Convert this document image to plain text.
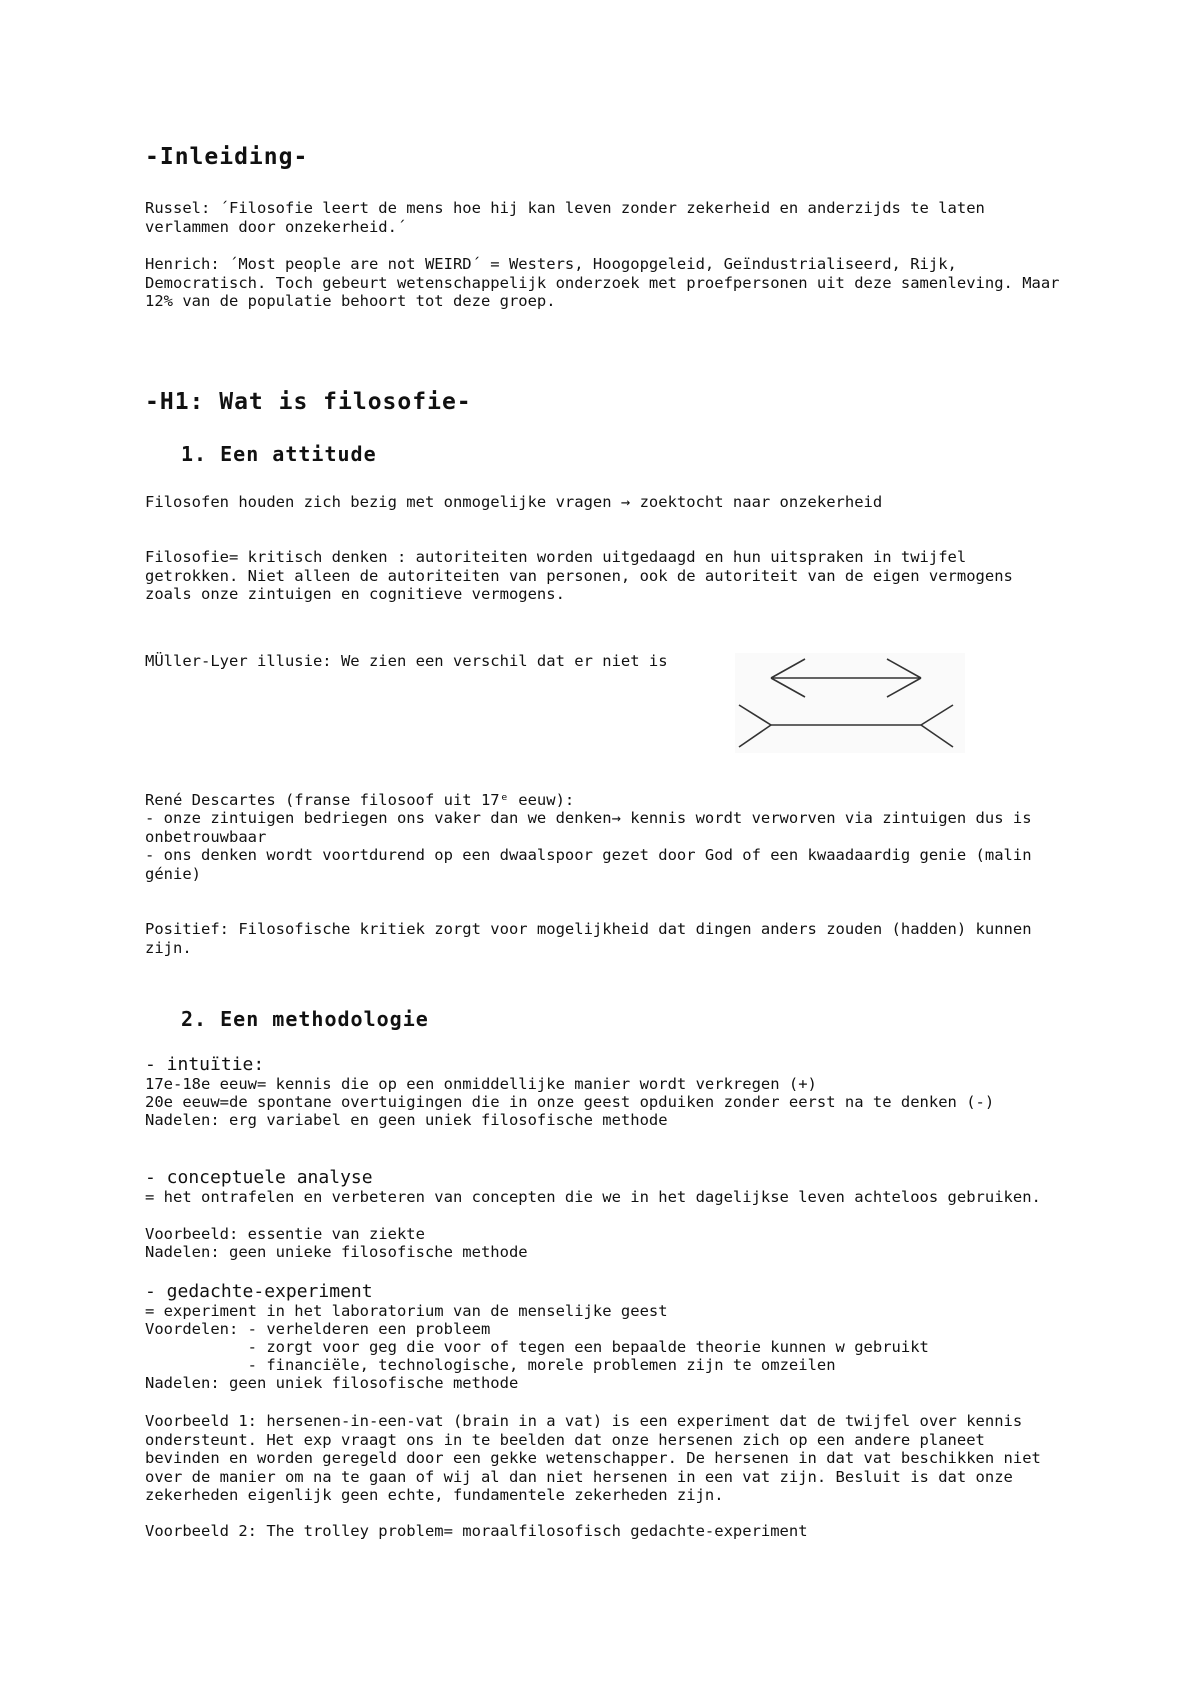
-Inleiding-

Russel: ´Filosofie leert de mens hoe hij kan leven zonder zekerheid en anderzijds te laten verlammen door onzekerheid.´

Henrich: ´Most people are not WEIRD´ = Westers, Hoogopgeleid, Geïndustrialiseerd, Rijk, Democratisch. Toch gebeurt wetenschappelijk onderzoek met proefpersonen uit deze samenleving. Maar 12% van de populatie behoort tot deze groep.

-H1: Wat is filosofie-
1. Een attitude

Filosofen houden zich bezig met onmogelijke vragen → zoektocht naar onzekerheid

Filosofie= kritisch denken : autoriteiten worden uitgedaagd en hun uitspraken in twijfel getrokken. Niet alleen de autoriteiten van personen, ook de autoriteit van de eigen vermogens zoals onze zintuigen en cognitieve vermogens.

MÜller-Lyer illusie: We zien een verschil dat er niet is

René Descartes (franse filosoof uit 17ᵉ eeuw):

- onze zintuigen bedriegen ons vaker dan we denken→ kennis wordt verworven via zintuigen dus is onbetrouwbaar

- ons denken wordt voortdurend op een dwaalspoor gezet door God of een kwaadaardig genie (malin génie)

Positief: Filosofische kritiek zorgt voor mogelijkheid dat dingen anders zouden (hadden) kunnen zijn.

2. Een methodologie

- intuïtie:

17e-18e eeuw= kennis die op een onmiddellijke manier wordt verkregen (+)

20e eeuw=de spontane overtuigingen die in onze geest opduiken zonder eerst na te denken (-)

Nadelen: erg variabel en geen uniek filosofische methode

- conceptuele analyse

= het ontrafelen en verbeteren van concepten die we in het dagelijkse leven achteloos gebruiken.

Voorbeeld: essentie van ziekte

Nadelen: geen unieke filosofische methode

- gedachte-experiment

= experiment in het laboratorium van de menselijke geest

Voordelen: - verhelderen een probleem

- zorgt voor geg die voor of tegen een bepaalde theorie kunnen w gebruikt

- financiële, technologische, morele problemen zijn te omzeilen

Nadelen: geen uniek filosofische methode

Voorbeeld 1: hersenen-in-een-vat (brain in a vat) is een experiment dat de twijfel over kennis ondersteunt. Het exp vraagt ons in te beelden dat onze hersenen zich op een andere planeet bevinden en worden geregeld door een gekke wetenschapper. De hersenen in dat vat beschikken niet over de manier om na te gaan of wij al dan niet hersenen in een vat zijn. Besluit is dat onze zekerheden eigenlijk geen echte, fundamentele zekerheden zijn.

Voorbeeld 2: The trolley problem= moraalfilosofisch gedachte-experiment
